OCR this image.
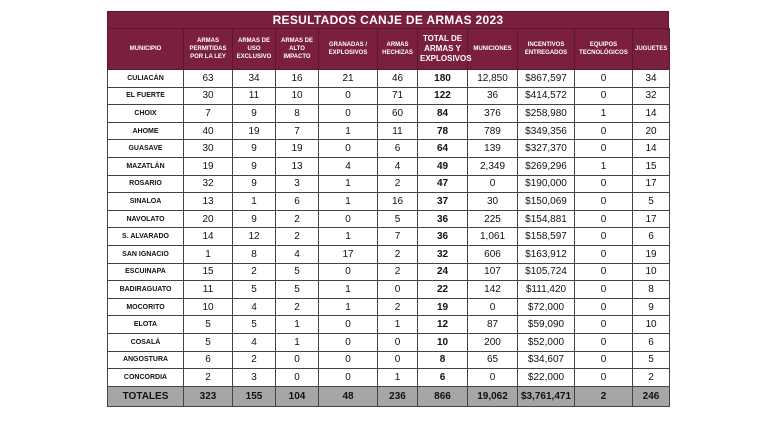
RESULTADOS CANJE DE ARMAS 2023
MUNICIPIO	ARMAS PERMITIDAS POR LA LEY	ARMAS DE USO EXCLUSIVO	ARMAS DE ALTO IMPACTO	GRANADAS / EXPLOSIVOS	ARMAS HECHIZAS	TOTAL DE ARMAS Y EXPLOSIVOS	MUNICIONES	INCENTIVOS ENTREGADOS	EQUIPOS TECNOLÓGICOS	JUGUETES
CULIACÁN	63	34	16	21	46	180	12,850	$867,597	0	34
EL FUERTE	30	11	10	0	71	122	36	$414,572	0	32
CHOIX	7	9	8	0	60	84	376	$258,980	1	14
AHOME	40	19	7	1	11	78	789	$349,356	0	20
GUASAVE	30	9	19	0	6	64	139	$327,370	0	14
MAZATLÁN	19	9	13	4	4	49	2,349	$269,296	1	15
ROSARIO	32	9	3	1	2	47	0	$190,000	0	17
SINALOA	13	1	6	1	16	37	30	$150,069	0	5
NAVOLATO	20	9	2	0	5	36	225	$154,881	0	17
S. ALVARADO	14	12	2	1	7	36	1,061	$158,597	0	6
SAN IGNACIO	1	8	4	17	2	32	606	$163,912	0	19
ESCUINAPA	15	2	5	0	2	24	107	$105,724	0	10
BADIRAGUATO	11	5	5	1	0	22	142	$111,420	0	8
MOCORITO	10	4	2	1	2	19	0	$72,000	0	9
ELOTA	5	5	1	0	1	12	87	$59,090	0	10
COSALÁ	5	4	1	0	0	10	200	$52,000	0	6
ANGOSTURA	6	2	0	0	0	8	65	$34,607	0	5
CONCORDIA	2	3	0	0	1	6	0	$22,000	0	2
TOTALES	323	155	104	48	236	866	19,062	$3,761,471	2	246
